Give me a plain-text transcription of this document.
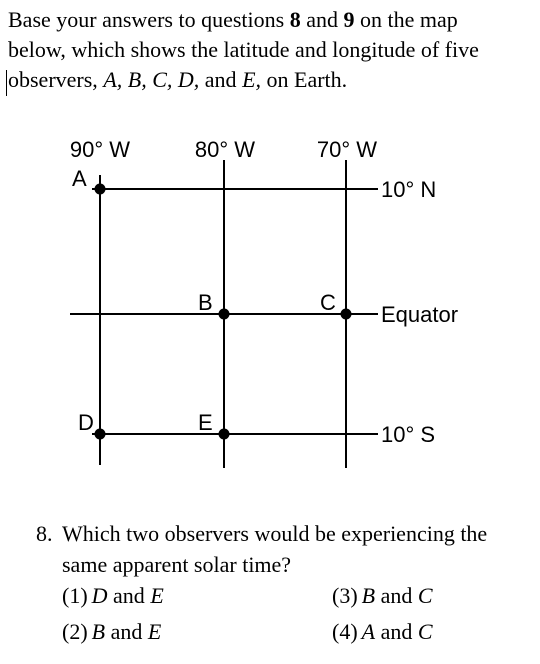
Base your answers to questions 8 and 9 on the map
below, which shows the latitude and longitude of five
observers, A, B, C, D, and E, on Earth.
90° W	80° W	70° W
10° N
Equator
10° S
A
B	C
D	E
8. Which two observers would be experiencing the
same apparent solar time?
(1) D and E	(3) B and C
(2) B and E	(4) A and C
